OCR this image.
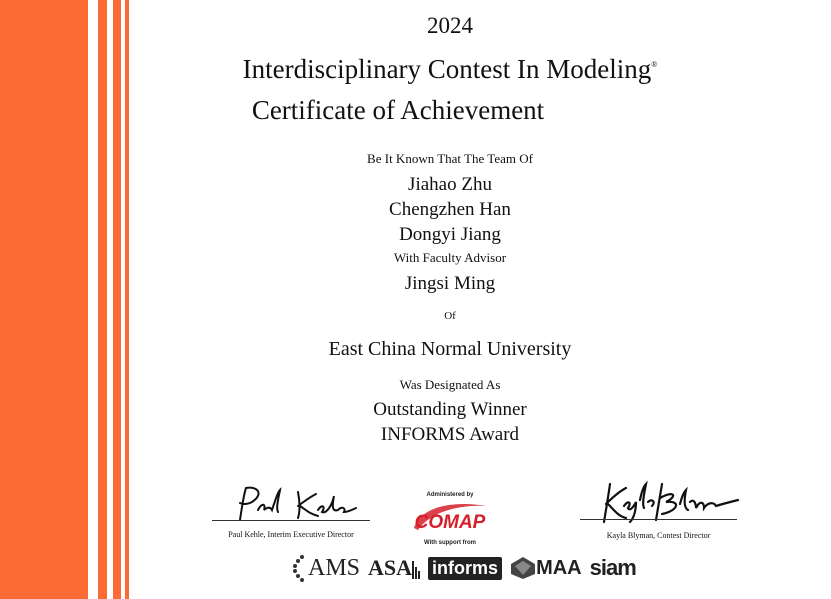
2024
Interdisciplinary Contest In Modeling®
Certificate of Achievement
Be It Known That The Team Of
Jiahao Zhu
Chengzhen Han
Dongyi Jiang
With Faculty Advisor
Jingsi Ming
Of
East China Normal University
Was Designated As
Outstanding Winner
INFORMS Award
Paul Kehle, Interim Executive Director
Administered by
COMAP
With support from
Kayla Blyman, Contest Director
AMS ASA informs MAA siam
